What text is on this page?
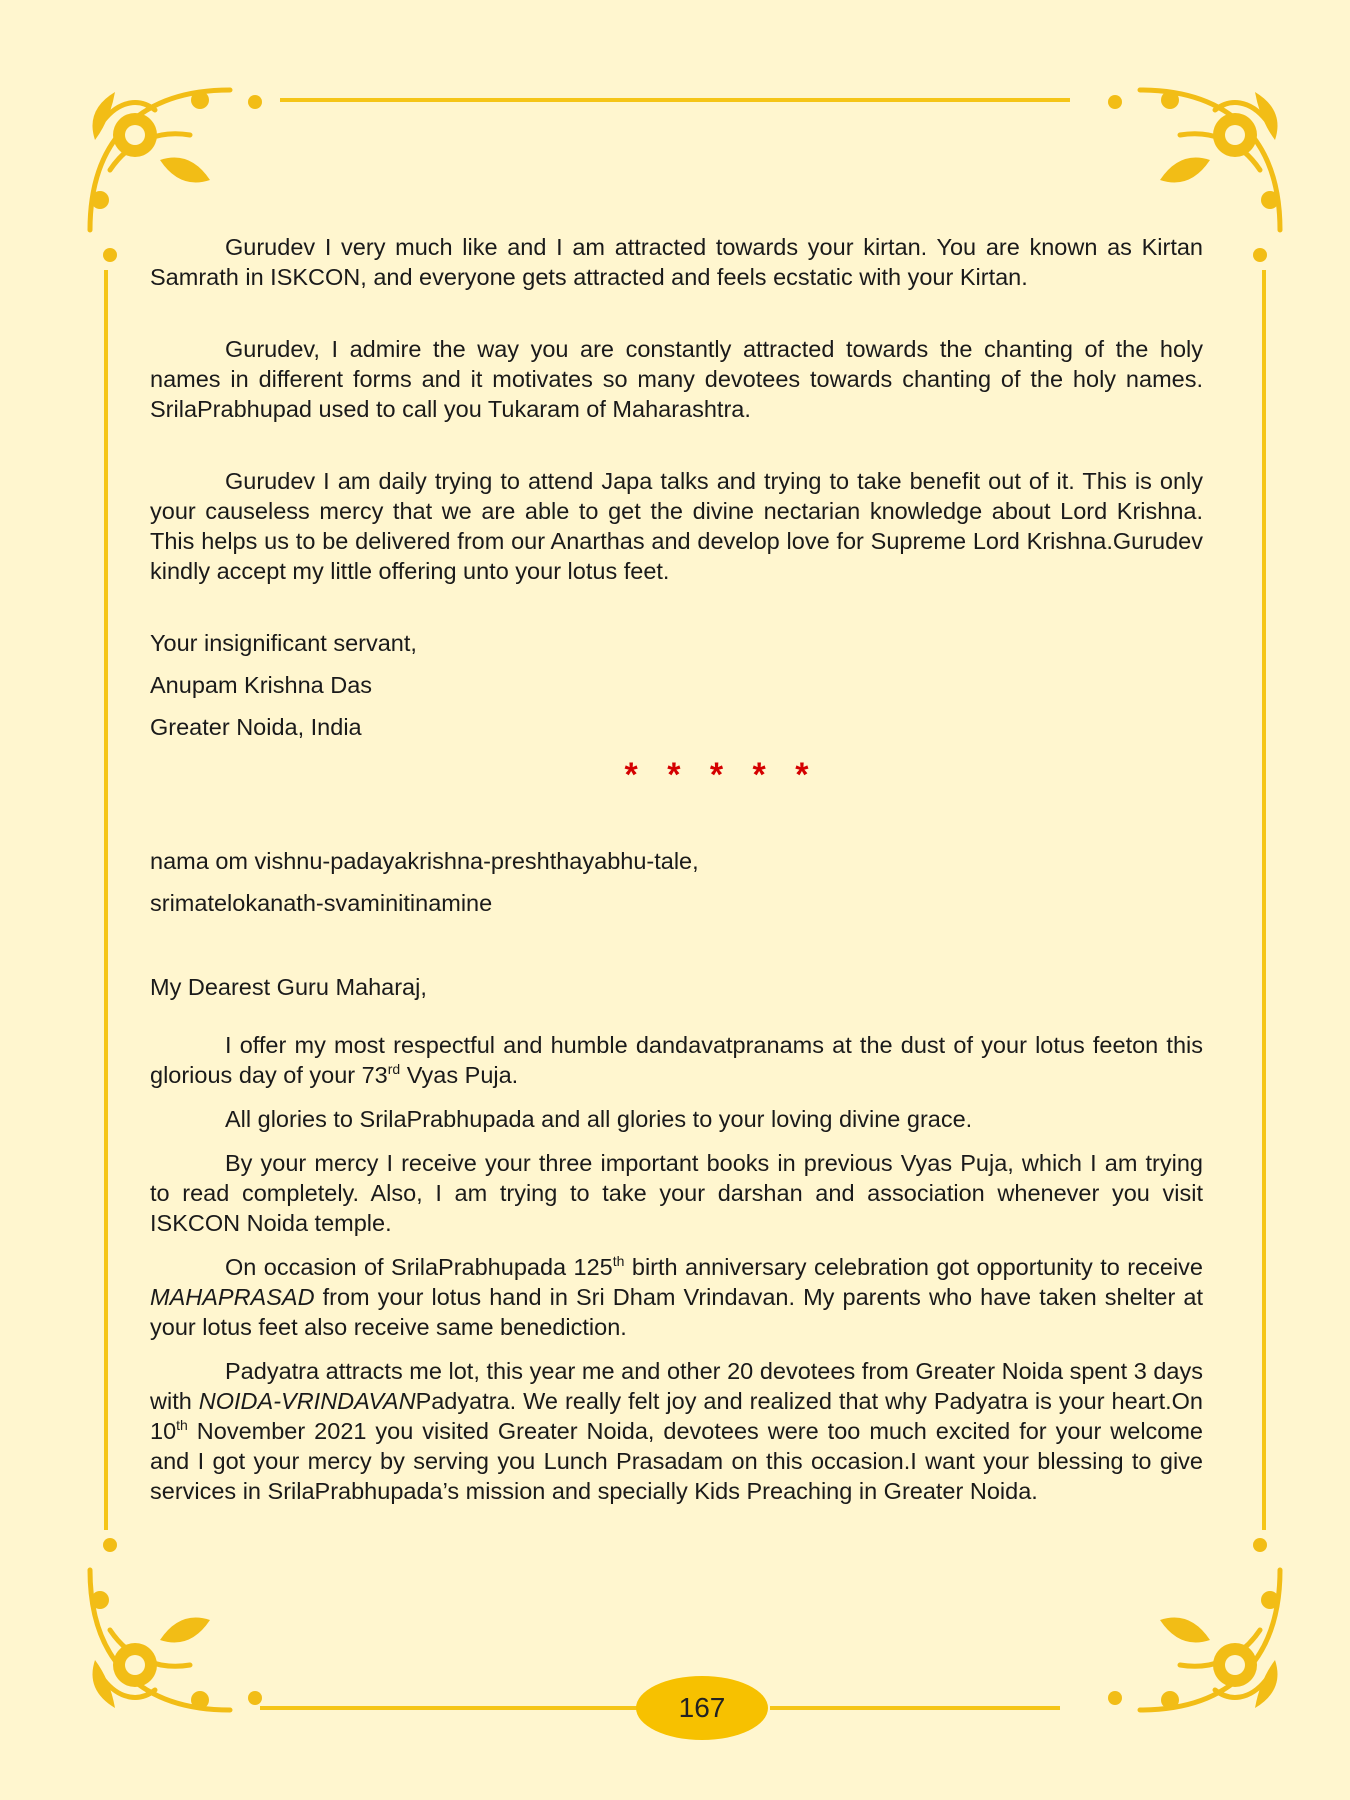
Gurudev I very much like and I am attracted towards your kirtan. You are known as Kirtan Samrath in ISKCON, and everyone gets attracted and feels ecstatic with your Kirtan.

Gurudev, I admire the way you are constantly attracted towards the chanting of the holy names in different forms and it motivates so many devotees towards chanting of the holy names. SrilaPrabhupad used to call you Tukaram of Maharashtra.

Gurudev I am daily trying to attend Japa talks and trying to take benefit out of it. This is only your causeless mercy that we are able to get the divine nectarian knowledge about Lord Krishna. This helps us to be delivered from our Anarthas and develop love for Supreme Lord Krishna.Gurudev kindly accept my little offering unto your lotus feet.

Your insignificant servant,

Anupam Krishna Das

Greater Noida, India

* * * * *

nama om vishnu-padayakrishna-preshthayabhu-tale,

srimatelokanath-svaminitinamine

My Dearest Guru Maharaj,

I offer my most respectful and humble dandavatpranams at the dust of your lotus feeton this glorious day of your 73rd Vyas Puja.

All glories to SrilaPrabhupada and all glories to your loving divine grace.

By your mercy I receive your three important books in previous Vyas Puja, which I am trying to read completely. Also, I am trying to take your darshan and association whenever you visit ISKCON Noida temple.

On occasion of SrilaPrabhupada 125th birth anniversary celebration got opportunity to receive MAHAPRASAD from your lotus hand in Sri Dham Vrindavan. My parents who have taken shelter at your lotus feet also receive same benediction.

Padyatra attracts me lot, this year me and other 20 devotees from Greater Noida spent 3 days with NOIDA-VRINDAVANPadyatra. We really felt joy and realized that why Padyatra is your heart.On 10th November 2021 you visited Greater Noida, devotees were too much excited for your welcome and I got your mercy by serving you Lunch Prasadam on this occasion.I want your blessing to give services in SrilaPrabhupada’s mission and specially Kids Preaching in Greater Noida.

167
